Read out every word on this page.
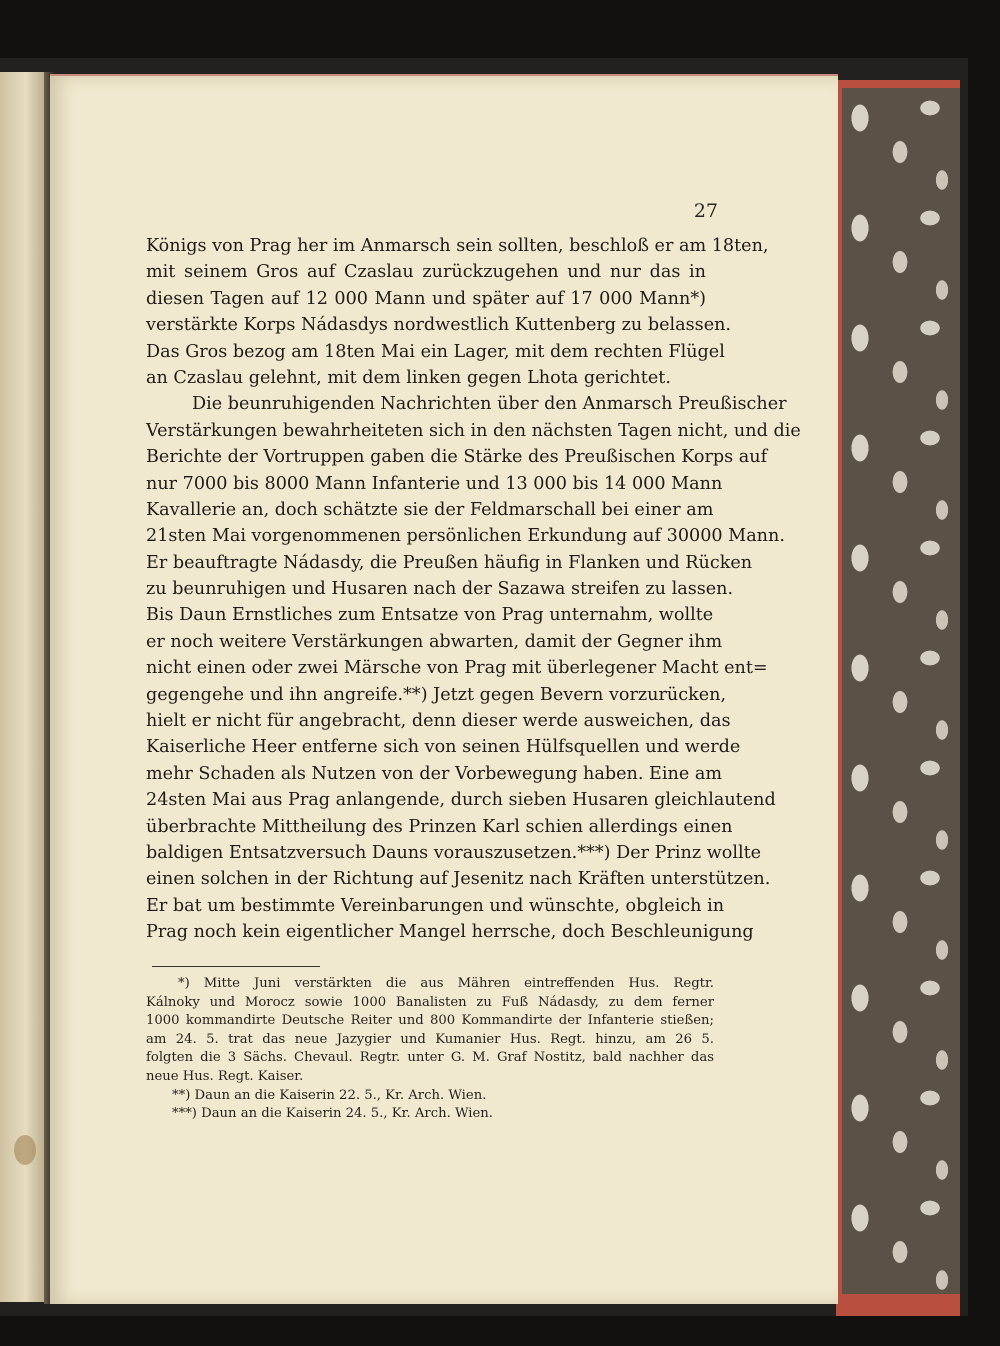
27
Königs von Prag her im Anmarsch sein sollten, beschloß er am 18ten,
mit seinem Gros auf Czaslau zurückzugehen und nur das in
diesen Tagen auf 12 000 Mann und später auf 17 000 Mann*)
verstärkte Korps Nádasdys nordwestlich Kuttenberg zu belassen.
Das Gros bezog am 18ten Mai ein Lager, mit dem rechten Flügel
an Czaslau gelehnt, mit dem linken gegen Lhota gerichtet.
Die beunruhigenden Nachrichten über den Anmarsch Preußischer
Verstärkungen bewahrheiteten sich in den nächsten Tagen nicht, und die
Berichte der Vortruppen gaben die Stärke des Preußischen Korps auf
nur 7000 bis 8000 Mann Infanterie und 13 000 bis 14 000 Mann
Kavallerie an, doch schätzte sie der Feldmarschall bei einer am
21sten Mai vorgenommenen persönlichen Erkundung auf 30000 Mann.
Er beauftragte Nádasdy, die Preußen häufig in Flanken und Rücken
zu beunruhigen und Husaren nach der Sazawa streifen zu lassen.
Bis Daun Ernstliches zum Entsatze von Prag unternahm, wollte
er noch weitere Verstärkungen abwarten, damit der Gegner ihm
nicht einen oder zwei Märsche von Prag mit überlegener Macht ent=
gegengehe und ihn angreife.**) Jetzt gegen Bevern vorzurücken,
hielt er nicht für angebracht, denn dieser werde ausweichen, das
Kaiserliche Heer entferne sich von seinen Hülfsquellen und werde
mehr Schaden als Nutzen von der Vorbewegung haben. Eine am
24sten Mai aus Prag anlangende, durch sieben Husaren gleichlautend
überbrachte Mittheilung des Prinzen Karl schien allerdings einen
baldigen Entsatzversuch Dauns vorauszusetzen.***) Der Prinz wollte
einen solchen in der Richtung auf Jesenitz nach Kräften unterstützen.
Er bat um bestimmte Vereinbarungen und wünschte, obgleich in
Prag noch kein eigentlicher Mangel herrsche, doch Beschleunigung
*) Mitte Juni verstärkten die aus Mähren eintreffenden Hus. Regtr.
Kálnoky und Morocz sowie 1000 Banalisten zu Fuß Nádasdy, zu dem ferner
1000 kommandirte Deutsche Reiter und 800 Kommandirte der Infanterie stießen;
am 24. 5. trat das neue Jazygier und Kumanier Hus. Regt. hinzu, am 26 5.
folgten die 3 Sächs. Chevaul. Regtr. unter G. M. Graf Nostitz, bald nachher das
neue Hus. Regt. Kaiser.
**) Daun an die Kaiserin 22. 5., Kr. Arch. Wien.
***) Daun an die Kaiserin 24. 5., Kr. Arch. Wien.
